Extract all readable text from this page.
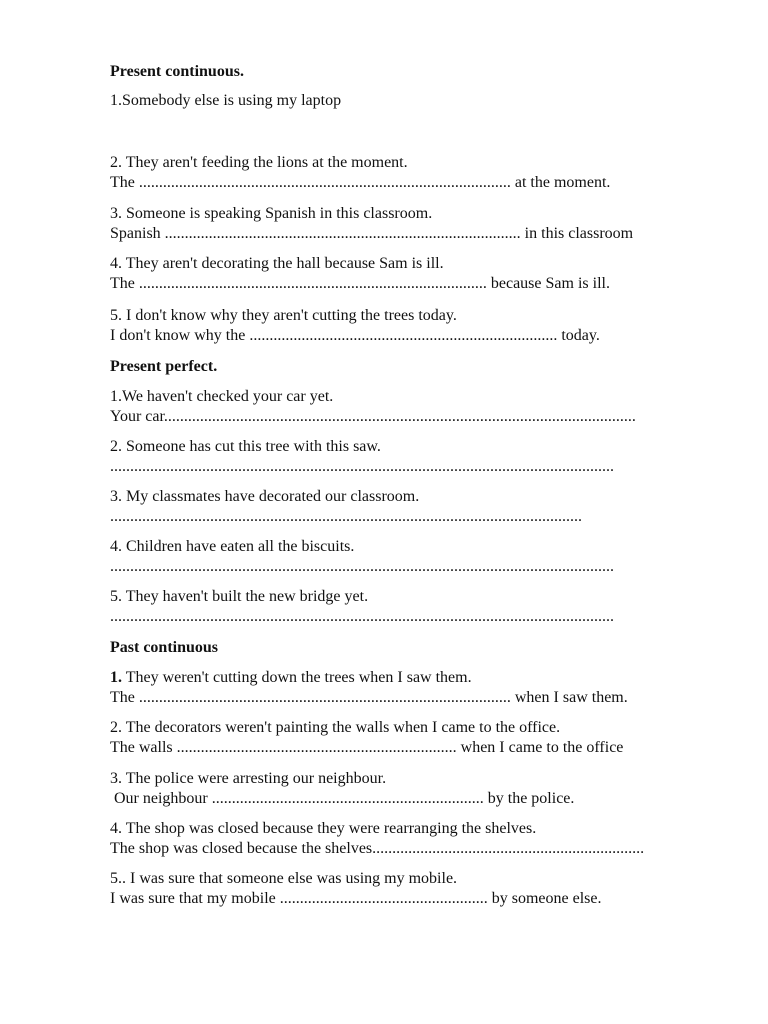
Present continuous.
1.Somebody else is using my laptop
2. They aren't feeding the lions at the moment.
The ............................................................................................. at the moment.
3. Someone is speaking Spanish in this classroom.
Spanish ......................................................................................... in this classroom
4. They aren't decorating the hall because Sam is ill.
The ....................................................................................... because Sam is ill.
5. I don't know why they aren't cutting the trees today.
I don't know why the ............................................................................. today.
Present perfect.
1.We haven't checked your car yet.
Your car......................................................................................................................
2. Someone has cut this tree with this saw.
..............................................................................................................................
3. My classmates have decorated our classroom.
......................................................................................................................
4. Children have eaten all the biscuits.
..............................................................................................................................
5. They haven't built the new bridge yet.
..............................................................................................................................
Past continuous
1. They weren't cutting down the trees when I saw them.
The ............................................................................................. when I saw them.
2. The decorators weren't painting the walls when I came to the office.
The walls ...................................................................... when I came to the office
3. The police were arresting our neighbour.
Our neighbour .................................................................... by the police.
4. The shop was closed because they were rearranging the shelves.
The shop was closed because the shelves....................................................................
5.. I was sure that someone else was using my mobile.
I was sure that my mobile .................................................... by someone else.
